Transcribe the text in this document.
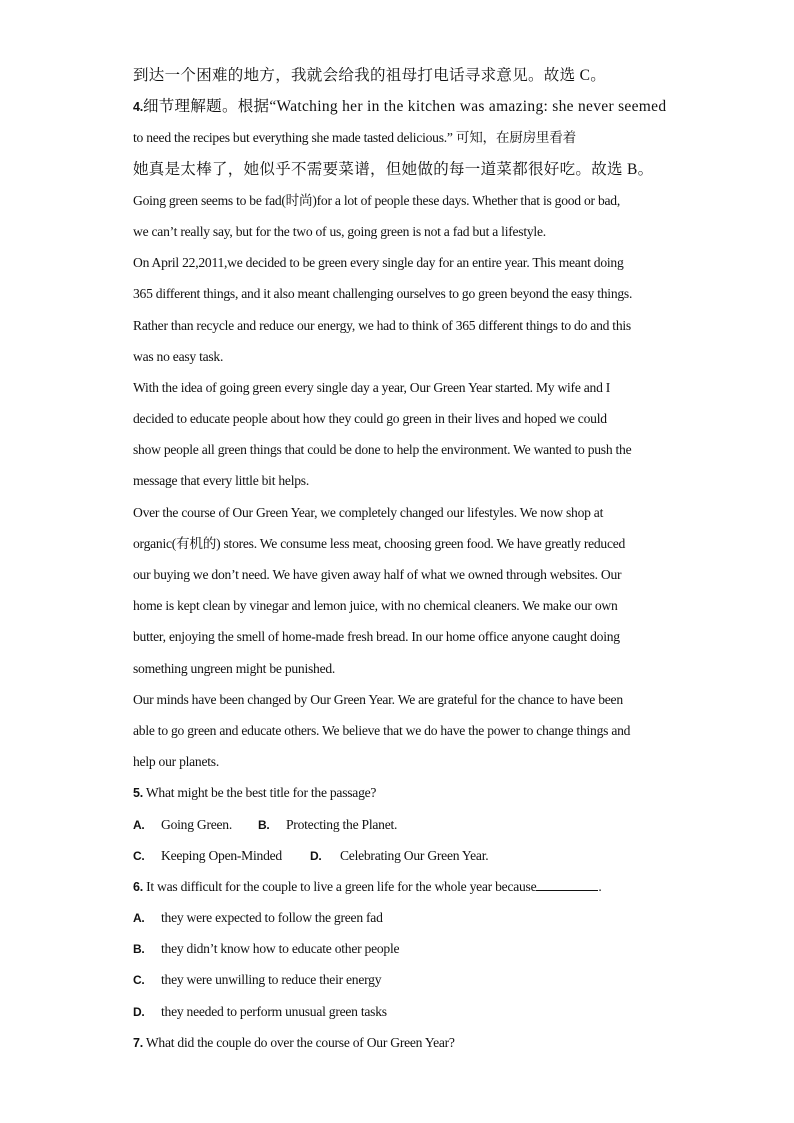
到达一个困难的地方，我就会给我的祖母打电话寻求意见。故选 C。
4.细节理解题。根据“Watching her in the kitchen was amazing: she never seemed
to need the recipes but everything she made tasted delicious.” 可知，在厨房里看着
她真是太棒了，她似乎不需要菜谱，但她做的每一道菜都很好吃。故选 B。
Going green seems to be fad(时尚)for a lot of people these days. Whether that is good or bad,
we can’t really say, but for the two of us, going green is not a fad but a lifestyle.
On April 22,2011,we decided to be green every single day for an entire year. This meant doing
365 different things, and it also meant challenging ourselves to go green beyond the easy things.
Rather than recycle and reduce our energy, we had to think of 365 different things to do and this
was no easy task.
With the idea of going green every single day a year, Our Green Year started. My wife and I
decided to educate people about how they could go green in their lives and hoped we could
show people all green things that could be done to help the environment. We wanted to push the
message that every little bit helps.
Over the course of Our Green Year, we completely changed our lifestyles. We now shop at
organic(有机的) stores. We consume less meat, choosing green food. We have greatly reduced
our buying we don’t need. We have given away half of what we owned through websites. Our
home is kept clean by vinegar and lemon juice, with no chemical cleaners. We make our own
butter, enjoying the smell of home-made fresh bread. In our home office anyone caught doing
something ungreen might be punished.
Our minds have been changed by Our Green Year. We are grateful for the chance to have been
able to go green and educate others. We believe that we do have the power to change things and
help our planets.
5. What might be the best title for the passage?
A. Going Green. B. Protecting the Planet.
C. Keeping Open-Minded D. Celebrating Our Green Year.
6. It was difficult for the couple to live a green life for the whole year because	.
A. they were expected to follow the green fad
B. they didn’t know how to educate other people
C. they were unwilling to reduce their energy
D. they needed to perform unusual green tasks
7. What did the couple do over the course of Our Green Year?
